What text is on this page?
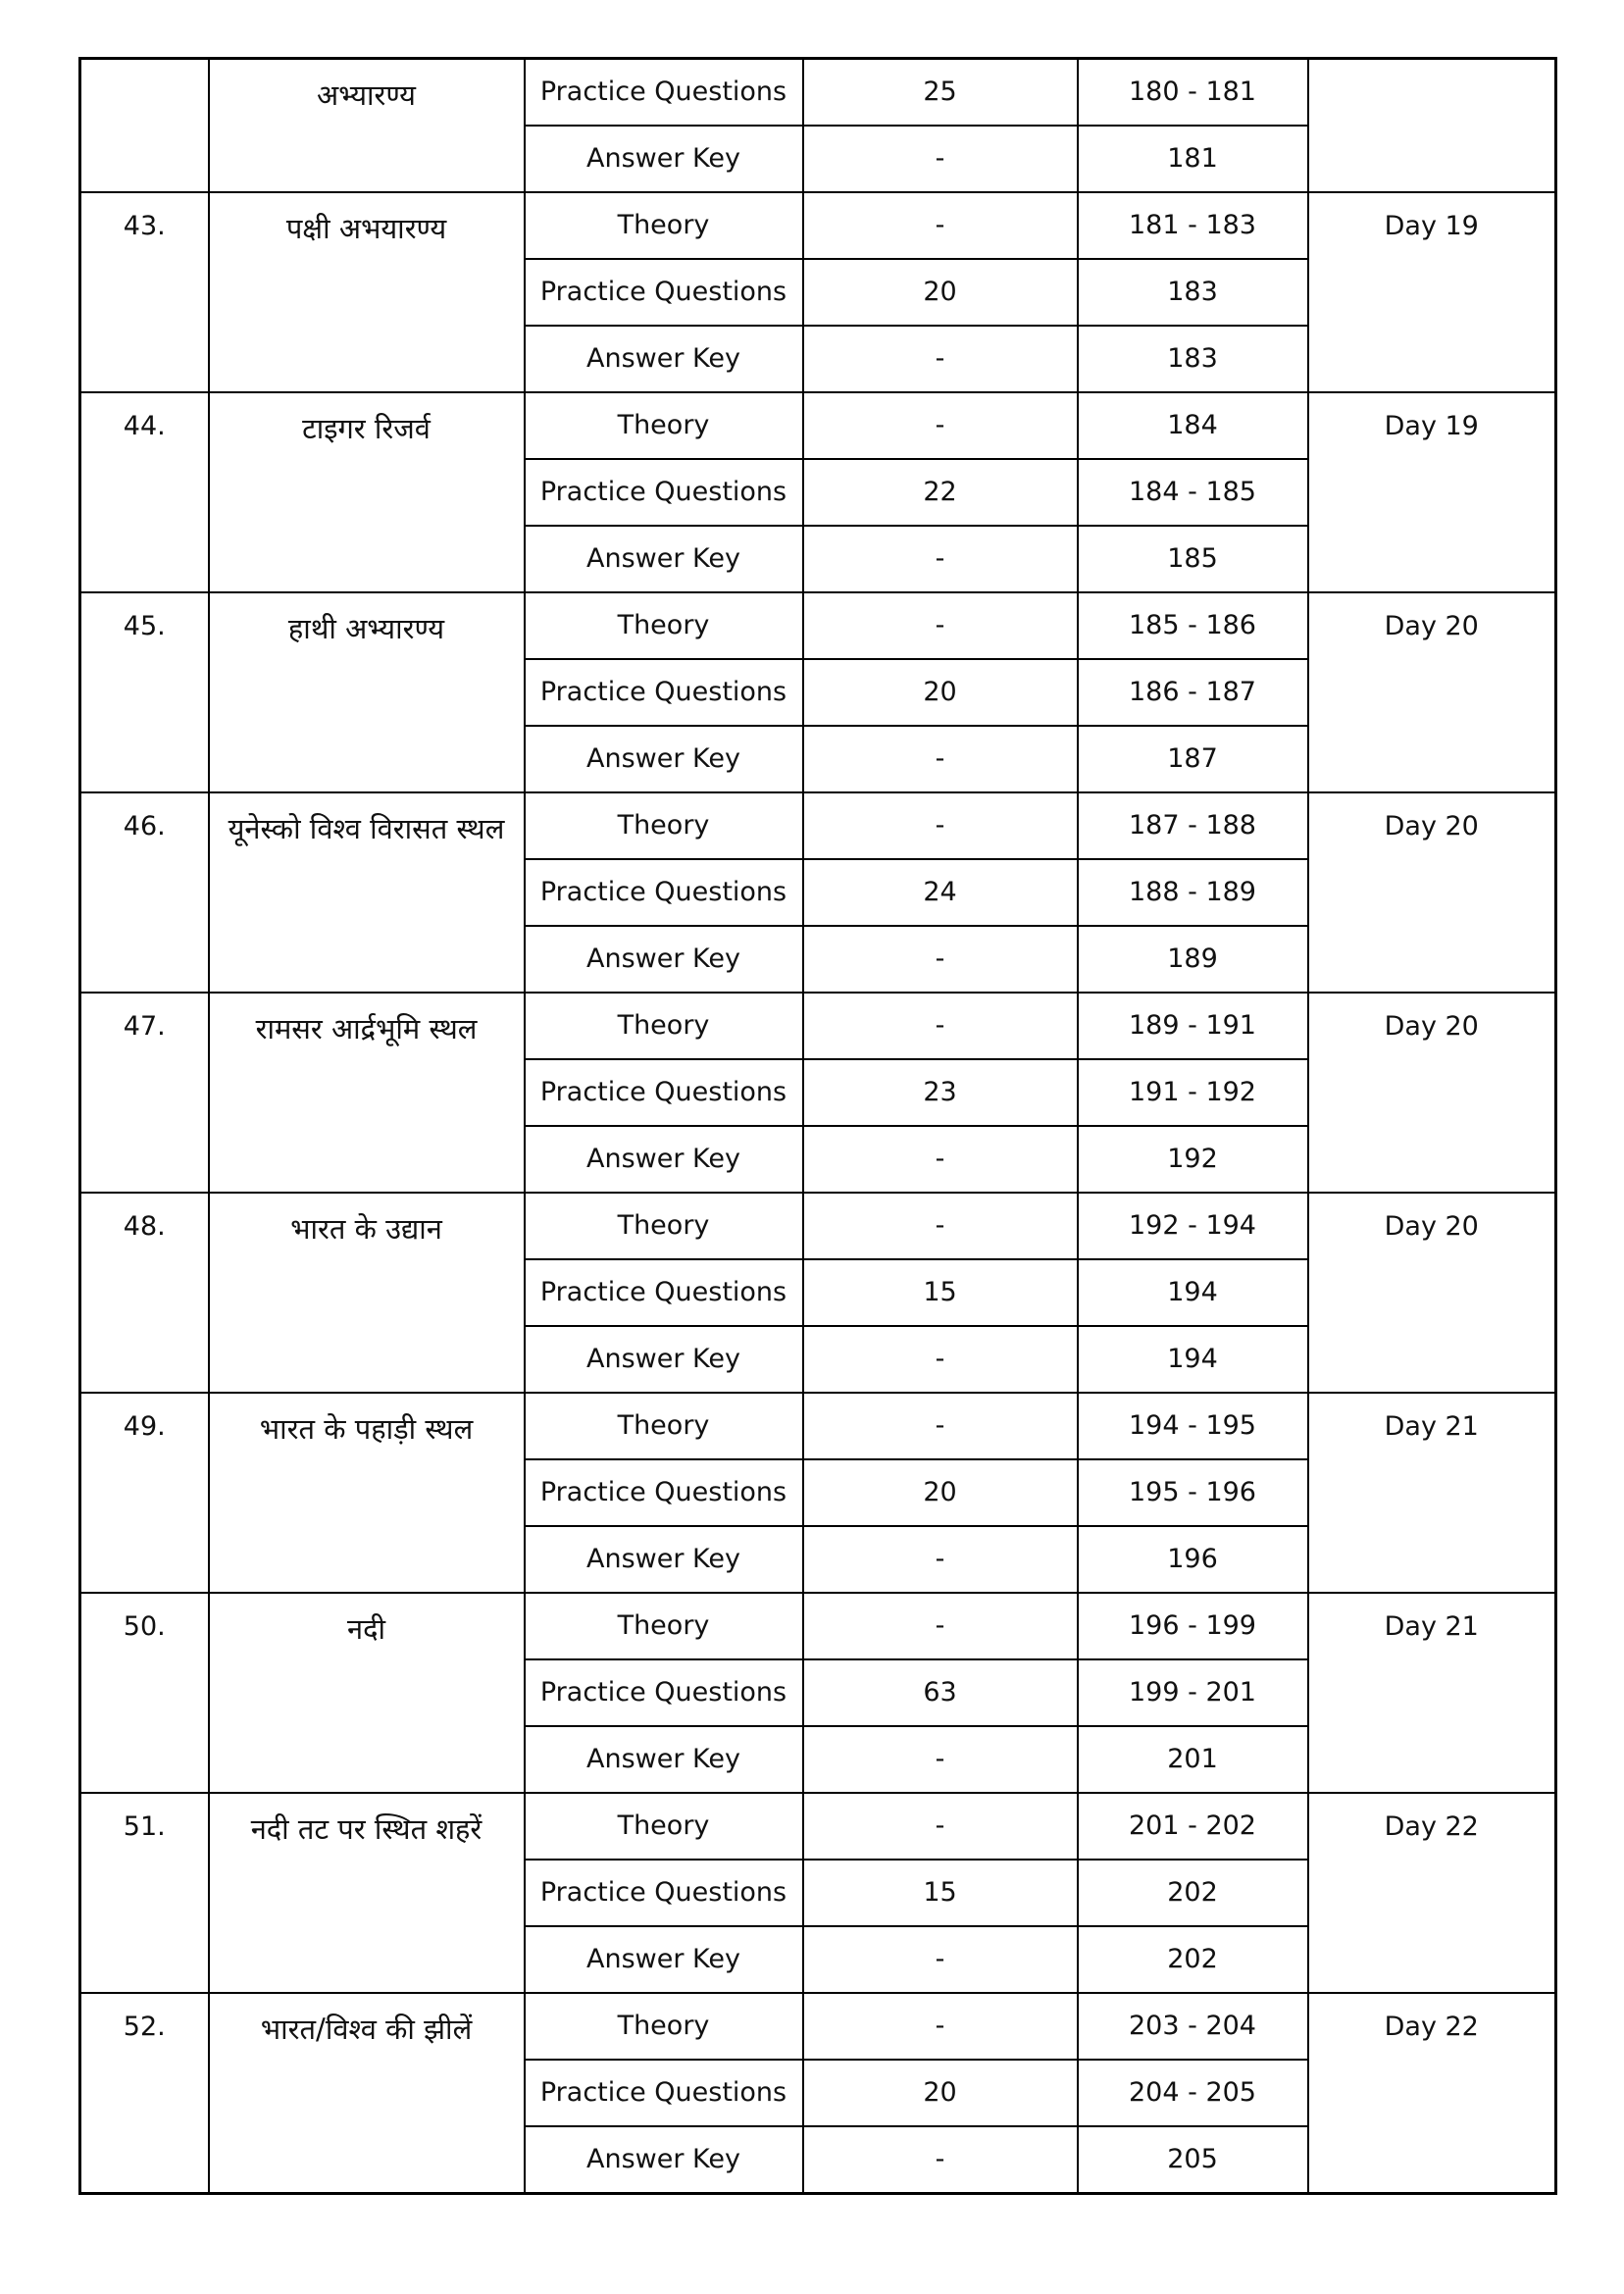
	अभ्यारण्य	Practice Questions	25	180 - 181	
		Answer Key	-	181	
43.	पक्षी अभयारण्य	Theory	-	181 - 183	Day 19
		Practice Questions	20	183	
		Answer Key	-	183	
44.	टाइगर रिजर्व	Theory	-	184	Day 19
		Practice Questions	22	184 - 185	
		Answer Key	-	185	
45.	हाथी अभ्यारण्य	Theory	-	185 - 186	Day 20
		Practice Questions	20	186 - 187	
		Answer Key	-	187	
46.	यूनेस्को विश्व विरासत स्थल	Theory	-	187 - 188	Day 20
		Practice Questions	24	188 - 189	
		Answer Key	-	189	
47.	रामसर आर्द्रभूमि स्थल	Theory	-	189 - 191	Day 20
		Practice Questions	23	191 - 192	
		Answer Key	-	192	
48.	भारत के उद्यान	Theory	-	192 - 194	Day 20
		Practice Questions	15	194	
		Answer Key	-	194	
49.	भारत के पहाड़ी स्थल	Theory	-	194 - 195	Day 21
		Practice Questions	20	195 - 196	
		Answer Key	-	196	
50.	नदी	Theory	-	196 - 199	Day 21
		Practice Questions	63	199 - 201	
		Answer Key	-	201	
51.	नदी तट पर स्थित शहरें	Theory	-	201 - 202	Day 22
		Practice Questions	15	202	
		Answer Key	-	202	
52.	भारत/विश्व की झीलें	Theory	-	203 - 204	Day 22
		Practice Questions	20	204 - 205	
		Answer Key	-	205	
